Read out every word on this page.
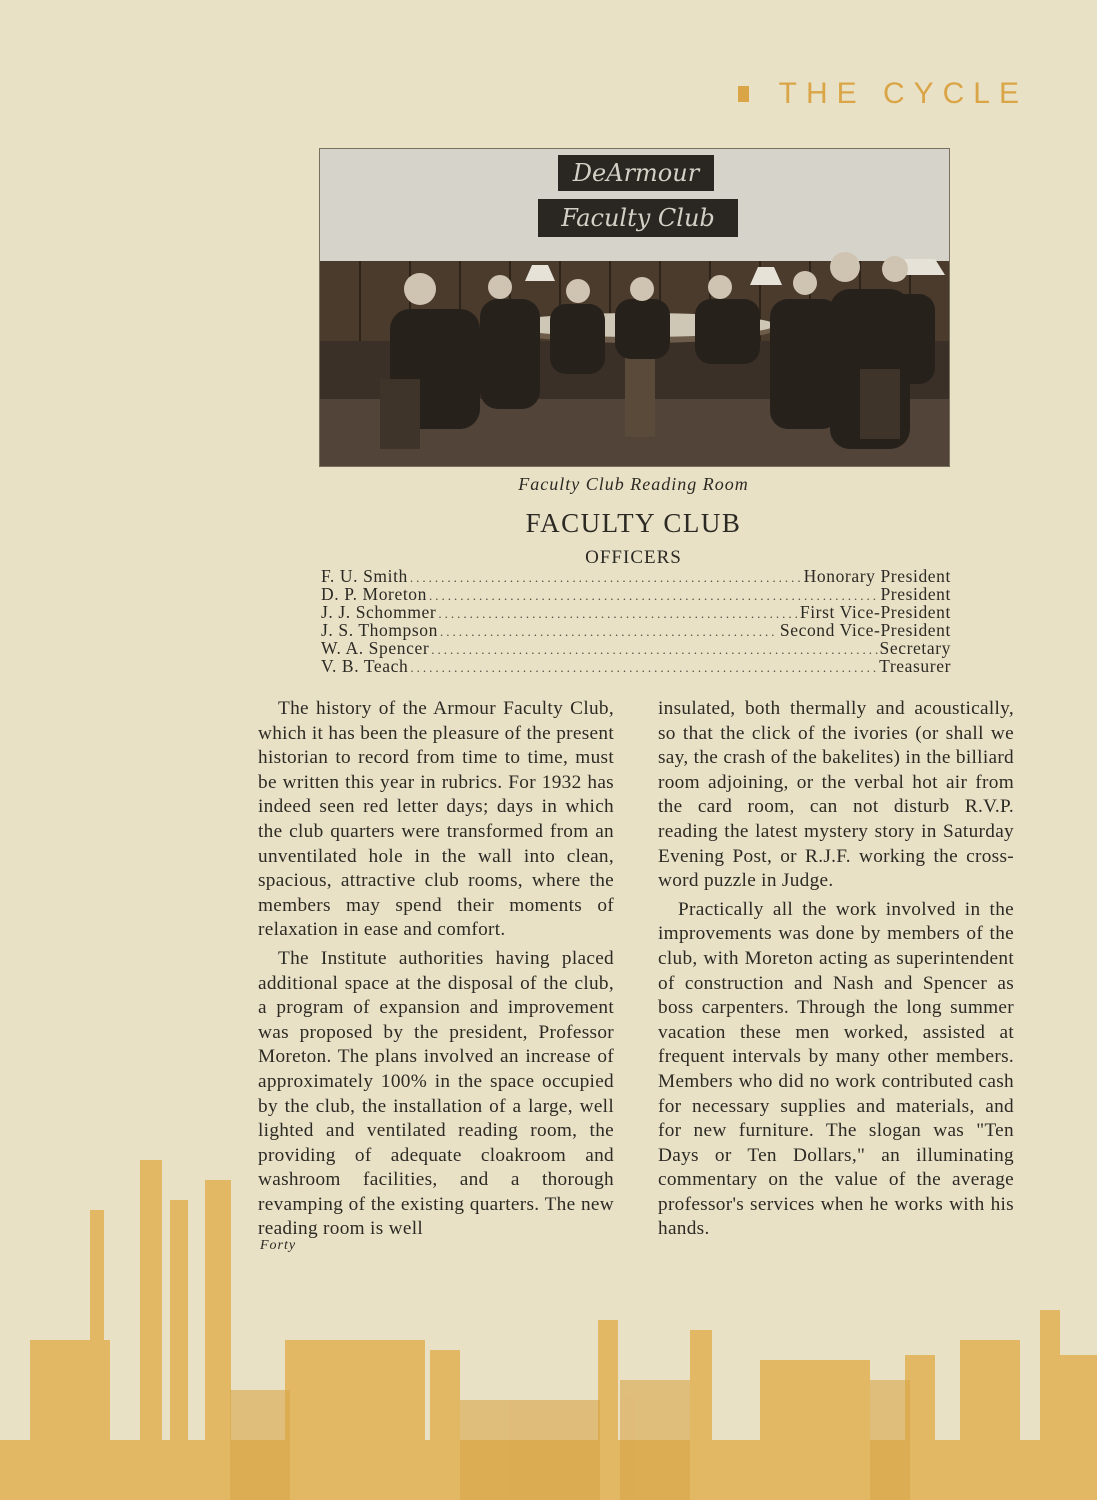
THE CYCLE
DeArmour
Faculty Club
Faculty Club Reading Room
FACULTY CLUB
OFFICERS
F. U. Smith .....	Honorary President
D. P. Moreton .....	President
J. J. Schommer .....	First Vice-President
J. S. Thompson .....	Second Vice-President
W. A. Spencer .....	Secretary
V. B. Teach .....	Treasurer

The history of the Armour Faculty Club, which it has been the pleasure of the present historian to record from time to time, must be written this year in rubrics. For 1932 has indeed seen red letter days; days in which the club quarters were transformed from an unventilated hole in the wall into clean, spacious, attractive club rooms, where the members may spend their moments of relaxation in ease and comfort.

The Institute authorities having placed additional space at the disposal of the club, a program of expansion and improvement was proposed by the president, Professor Moreton. The plans involved an increase of approximately 100% in the space occupied by the club, the installation of a large, well lighted and ventilated reading room, the providing of adequate cloakroom and washroom facilities, and a thorough revamping of the existing quarters. The new reading room is well

insulated, both thermally and acoustically, so that the click of the ivories (or shall we say, the crash of the bakelites) in the billiard room adjoining, or the verbal hot air from the card room, can not disturb R.V.P. reading the latest mystery story in Saturday Evening Post, or R.J.F. working the cross-word puzzle in Judge.

Practically all the work involved in the improvements was done by members of the club, with Moreton acting as superintendent of construction and Nash and Spencer as boss carpenters. Through the long summer vacation these men worked, assisted at frequent intervals by many other members. Members who did no work contributed cash for necessary supplies and materials, and for new furniture. The slogan was "Ten Days or Ten Dollars," an illuminating commentary on the value of the average professor's services when he works with his hands.

Forty
